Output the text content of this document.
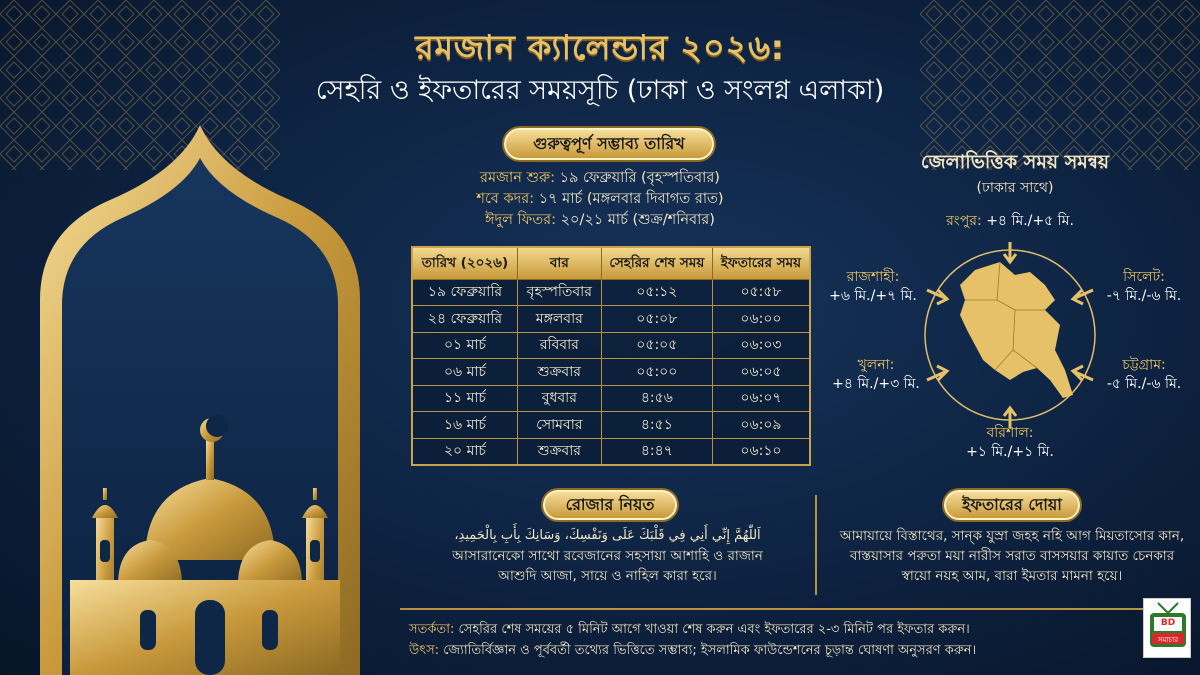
রমজান ক্যালেন্ডার ২০২৬:
সেহরি ও ইফতারের সময়সূচি (ঢাকা ও সংলগ্ন এলাকা)
গুরুত্বপূর্ণ সম্ভাব্য তারিখ
রমজান শুরু: ১৯ ফেব্রুয়ারি (বৃহস্পতিবার)
শবে কদর: ১৭ মার্চ (মঙ্গলবার দিবাগত রাত)
ঈদুল ফিতর: ২০/২১ মার্চ (শুক্র/শনিবার)
তারিখ (২০২৬)	বার	সেহরির শেষ সময়	ইফতারের সময়
১৯ ফেব্রুয়ারি	বৃহস্পতিবার	০৫:১২	০৫:৫৮
২৪ ফেব্রুয়ারি	মঙ্গলবার	০৫:০৮	০৬:০০
০১ মার্চ	রবিবার	০৫:০৫	০৬:০৩
০৬ মার্চ	শুক্রবার	০৫:০০	০৬:০৫
১১ মার্চ	বুধবার	৪:৫৬	০৬:০৭
১৬ মার্চ	সোমবার	৪:৫১	০৬:০৯
২০ মার্চ	শুক্রবার	৪:৪৭	০৬:১০
জেলাভিত্তিক সময় সমন্বয়
(ঢাকার সাথে)
রংপুর: +৪ মি./+৫ মি.
রাজশাহী:
+৬ মি./+৭ মি.
সিলেট:
-৭ মি./-৬ মি.
খুলনা:
+৪ মি./+৩ মি.
চট্টগ্রাম:
-৫ মি./-৬ মি.
বরিশাল:
+১ মি./+১ মি.
রোজার নিয়ত
اَللّٰهُمَّ إِنِّي أَنِي فِي قَلْبَكَ عَلَى وَنَفْسِكَ، وَسَانِكَ بِأَبِ بِالْحَمِيدِ،
আসারানেকো সাথো রবেজানের সহসায়া আশাহি ও রাজান
আশুদি আজা, সায়ে ও নাহিল কারা হরে।
ইফতারের দোয়া
আমায়ায়ে বিস্তাথের, সান্ক যুস্রা জহহ নহি আগ মিয়তাসোর কান,
বাস্তয়াসার পরুতা ময়া নারীস সরাত বাসসয়ার কায়াত চেনকার
স্বায়ো নয়হ আম, বারা ইমতার মামনা হয়ে।
সতর্কতা: সেহরির শেষ সময়ের ৫ মিনিট আগে খাওয়া শেষ করুন এবং ইফতারের ২-৩ মিনিট পর ইফতার করুন।
উৎস: জ্যোতির্বিজ্ঞান ও পূর্ববর্তী তথ্যের ভিত্তিতে সম্ভাব্য; ইসলামিক ফাউন্ডেশনের চূড়ান্ত ঘোষণা অনুসরণ করুন।
BD
সমাচার
